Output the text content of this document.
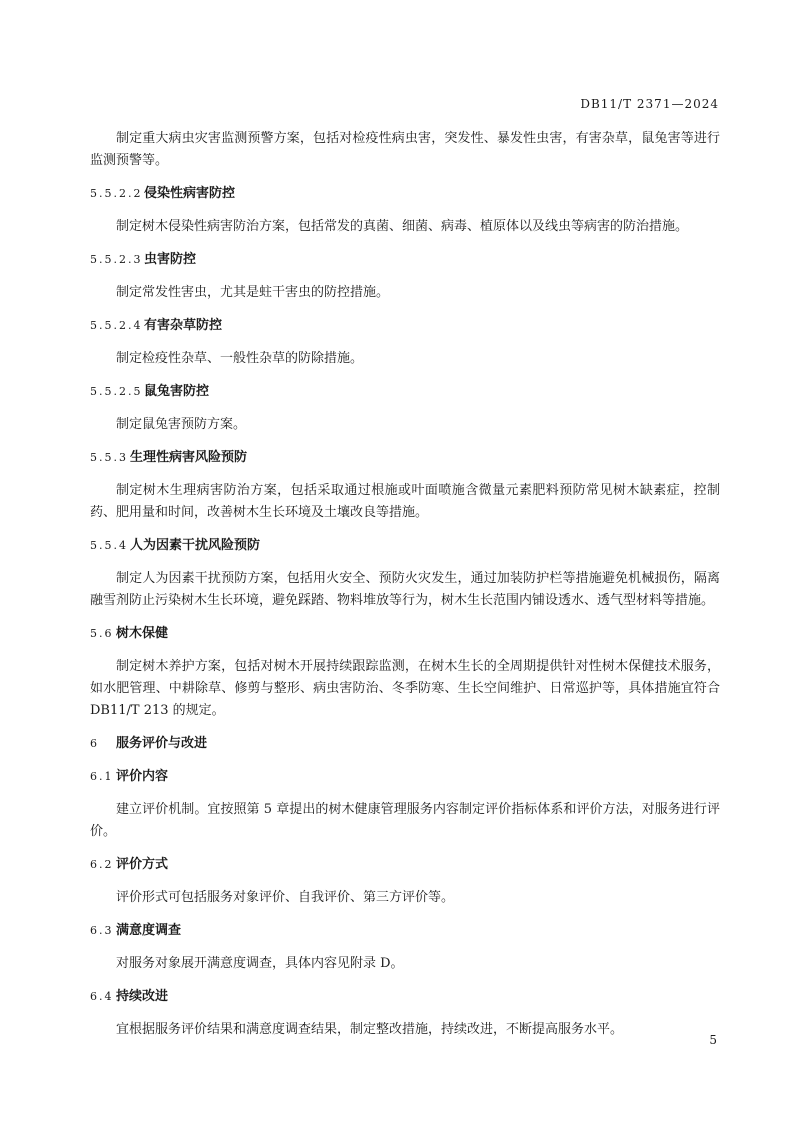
DB11/T 2371—2024

制定重大病虫灾害监测预警方案，包括对检疫性病虫害，突发性、暴发性虫害，有害杂草，鼠兔害等进行监测预警等。

5.5.2.2 侵染性病害防控

制定树木侵染性病害防治方案，包括常发的真菌、细菌、病毒、植原体以及线虫等病害的防治措施。

5.5.2.3 虫害防控

制定常发性害虫，尤其是蛀干害虫的防控措施。

5.5.2.4 有害杂草防控

制定检疫性杂草、一般性杂草的防除措施。

5.5.2.5 鼠兔害防控

制定鼠兔害预防方案。

5.5.3 生理性病害风险预防

制定树木生理病害防治方案，包括采取通过根施或叶面喷施含微量元素肥料预防常见树木缺素症，控制药、肥用量和时间，改善树木生长环境及土壤改良等措施。

5.5.4 人为因素干扰风险预防

制定人为因素干扰预防方案，包括用火安全、预防火灾发生，通过加装防护栏等措施避免机械损伤，隔离融雪剂防止污染树木生长环境，避免踩踏、物料堆放等行为，树木生长范围内铺设透水、透气型材料等措施。

5.6 树木保健

制定树木养护方案，包括对树木开展持续跟踪监测，在树木生长的全周期提供针对性树木保健技术服务，如水肥管理、中耕除草、修剪与整形、病虫害防治、冬季防寒、生长空间维护、日常巡护等，具体措施宜符合 DB11/T 213 的规定。

6 服务评价与改进
6.1 评价内容

建立评价机制。宜按照第 5 章提出的树木健康管理服务内容制定评价指标体系和评价方法，对服务进行评价。

6.2 评价方式

评价形式可包括服务对象评价、自我评价、第三方评价等。

6.3 满意度调查

对服务对象展开满意度调查，具体内容见附录 D。

6.4 持续改进

宜根据服务评价结果和满意度调查结果，制定整改措施，持续改进，不断提高服务水平。

5
